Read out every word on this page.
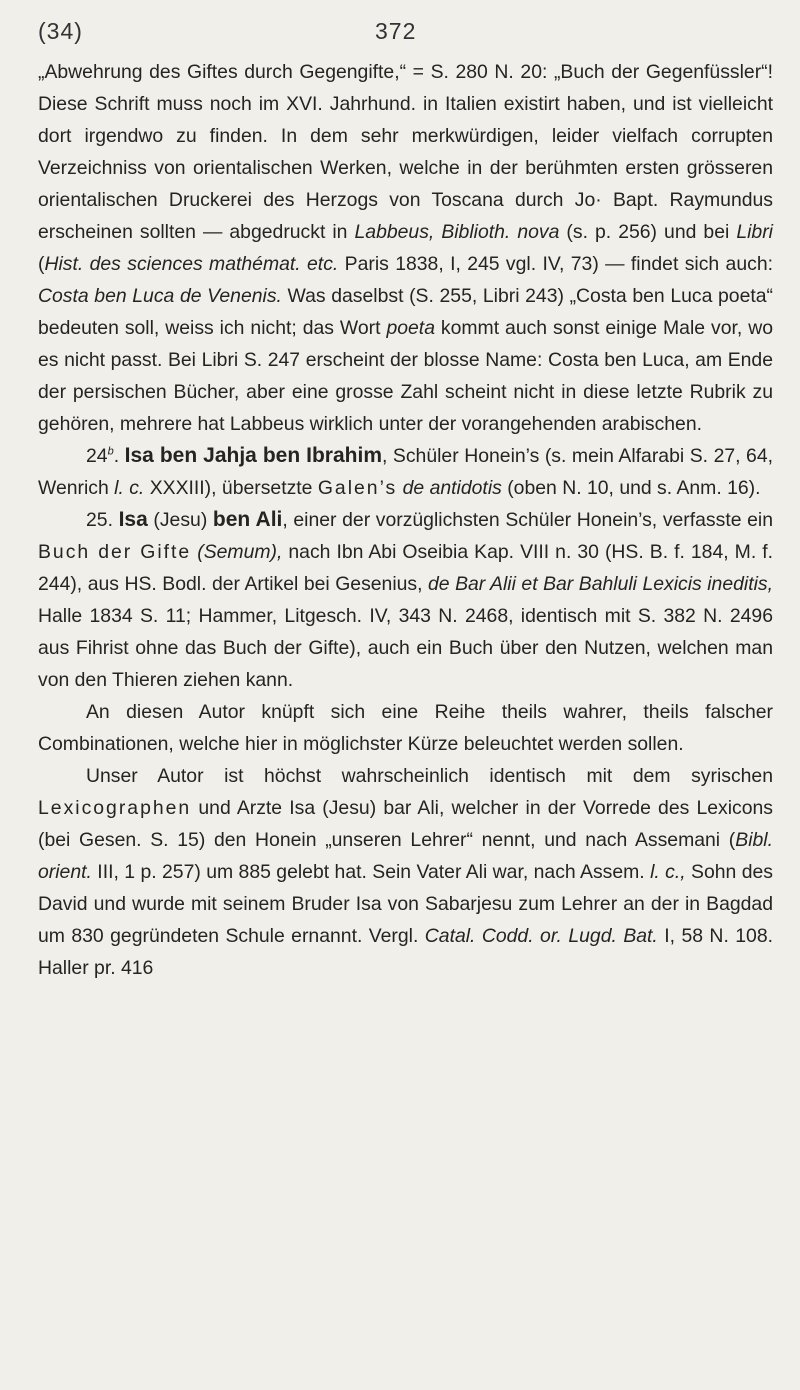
(34)	372

„Abwehrung des Giftes durch Gegengifte,“ = S. 280 N. 20: „Buch der Gegenfüssler“! Diese Schrift muss noch im XVI. Jahrhund. in Italien existirt haben, und ist vielleicht dort irgendwo zu finden. In dem sehr merkwürdigen, leider vielfach corrupten Verzeichniss von orientalischen Werken, welche in der berühmten ersten grösseren orientalischen Druckerei des Herzogs von Toscana durch Jo· Bapt. Raymundus erscheinen sollten — abgedruckt in Labbeus, Biblioth. nova (s. p. 256) und bei Libri (Hist. des sciences mathémat. etc. Paris 1838, I, 245 vgl. IV, 73) — findet sich auch: Costa ben Luca de Venenis. Was daselbst (S. 255, Libri 243) „Costa ben Luca poeta“ bedeuten soll, weiss ich nicht; das Wort poeta kommt auch sonst einige Male vor, wo es nicht passt. Bei Libri S. 247 erscheint der blosse Name: Costa ben Luca, am Ende der persischen Bücher, aber eine grosse Zahl scheint nicht in diese letzte Rubrik zu gehören, mehrere hat Labbeus wirklich unter der vorangehenden arabischen.

24$^b$. Isa ben Jahja ben Ibrahim, Schüler Honein’s (s. mein Alfarabi S. 27, 64, Wenrich l. c. XXXIII), übersetzte Galen’s de antidotis (oben N. 10, und s. Anm. 16).

25. Isa (Jesu) ben Ali, einer der vorzüglichsten Schüler Honein’s, verfasste ein Buch der Gifte (Semum), nach Ibn Abi Oseibia Kap. VIII n. 30 (HS. B. f. 184, M. f. 244), aus HS. Bodl. der Artikel bei Gesenius, de Bar Alii et Bar Bahluli Lexicis ineditis, Halle 1834 S. 11; Hammer, Litgesch. IV, 343 N. 2468, identisch mit S. 382 N. 2496 aus Fihrist ohne das Buch der Gifte), auch ein Buch über den Nutzen, welchen man von den Thieren ziehen kann.

An diesen Autor knüpft sich eine Reihe theils wahrer, theils falscher Combinationen, welche hier in möglichster Kürze beleuchtet werden sollen.

Unser Autor ist höchst wahrscheinlich identisch mit dem syrischen Lexicographen und Arzte Isa (Jesu) bar Ali, welcher in der Vorrede des Lexicons (bei Gesen. S. 15) den Honein „unseren Lehrer“ nennt, und nach Assemani (Bibl. orient. III, 1 p. 257) um 885 gelebt hat. Sein Vater Ali war, nach Assem. l. c., Sohn des David und wurde mit seinem Bruder Isa von Sabarjesu zum Lehrer an der in Bagdad um 830 gegründeten Schule ernannt. Vergl. Catal. Codd. or. Lugd. Bat. I, 58 N. 108. Haller pr. 416
